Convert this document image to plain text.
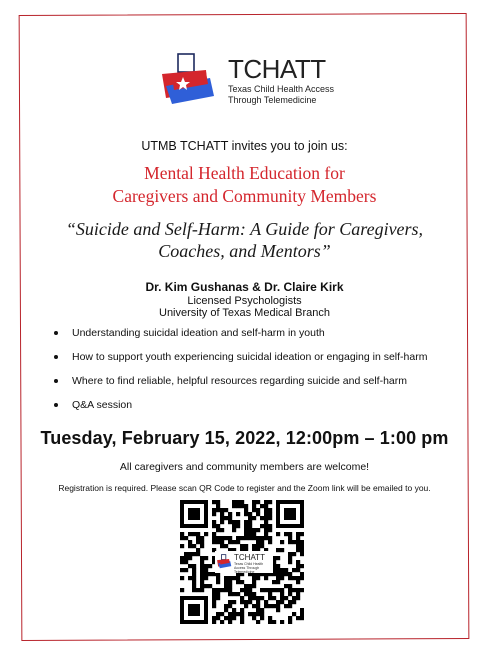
TCHATT
Texas Child Health Access
Through Telemedicine
UTMB TCHATT invites you to join us:
Mental Health Education for
Caregivers and Community Members
“Suicide and Self-Harm: A Guide for Caregivers,
Coaches, and Mentors”
Dr. Kim Gushanas & Dr. Claire Kirk
Licensed Psychologists
University of Texas Medical Branch
Understanding suicidal ideation and self-harm in youth
How to support youth experiencing suicidal ideation or engaging in self-harm
Where to find reliable, helpful resources regarding suicide and self-harm
Q&A session
Tuesday, February 15, 2022, 12:00pm – 1:00 pm
All caregivers and community members are welcome!
Registration is required. Please scan QR Code to register and the Zoom link will be emailed to you.
TCHATT
Texas Child Health Access Through Telemedicine
